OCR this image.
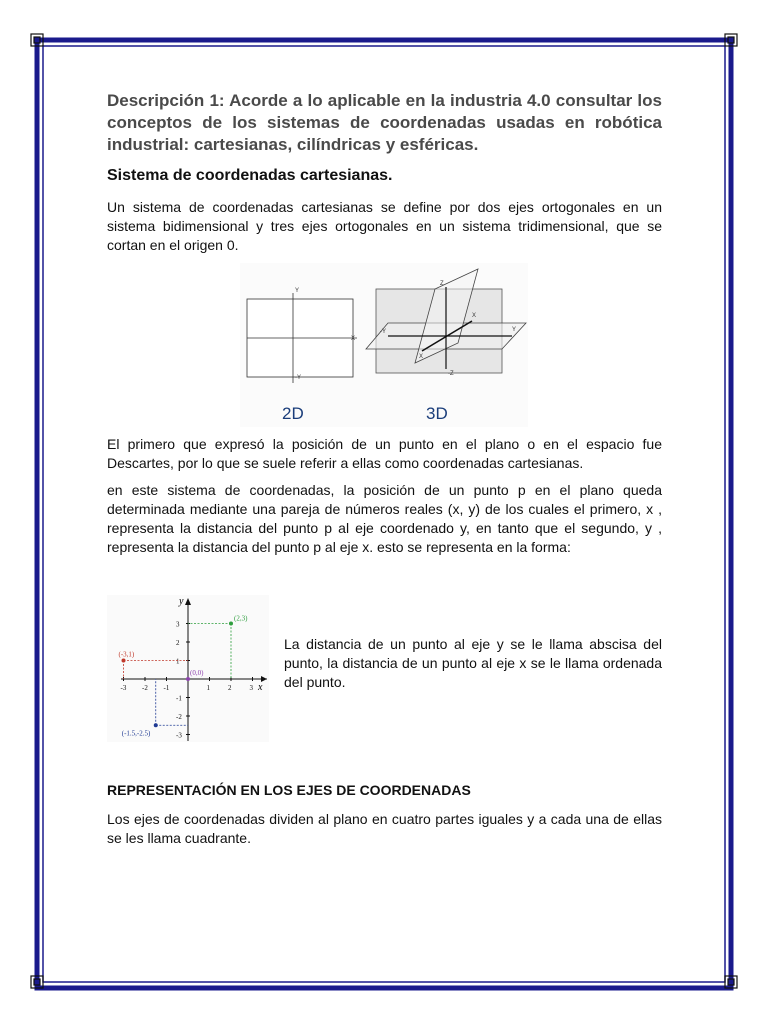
Descripción 1: Acorde a lo aplicable en la industria 4.0 consultar los conceptos de los sistemas de coordenadas usadas en robótica industrial: cartesianas, cilíndricas y esféricas.
Sistema de coordenadas cartesianas.

Un sistema de coordenadas cartesianas se define por dos ejes ortogonales en un sistema bidimensional y tres ejes ortogonales en un sistema tridimensional, que se cortan en el origen 0.

Y
X
-Y
Z
X
-Y	Y
X
-Z
2D	3D

El primero que expresó la posición de un punto en el plano o en el espacio fue Descartes, por lo que se suele referir a ellas como coordenadas cartesianas.

en este sistema de coordenadas, la posición de un punto p en el plano queda determinada mediante una pareja de números reales (x, y) de los cuales el primero, x , representa la distancia del punto p al eje coordenado y, en tanto que el segundo, y , representa la distancia del punto p al eje x. esto se representa en la forma:

y
x
-3 -2 -1	1	2	3
3
2
1
-1
-2
-3
(2,3)
(-3,1)
(0,0)
(-1.5,-2.5)

La distancia de un punto al eje y se le llama abscisa del punto, la distancia de un punto al eje x se le llama ordenada del punto.

REPRESENTACIÓN EN LOS EJES DE COORDENADAS

Los ejes de coordenadas dividen al plano en cuatro partes iguales y a cada una de ellas se les llama cuadrante.
